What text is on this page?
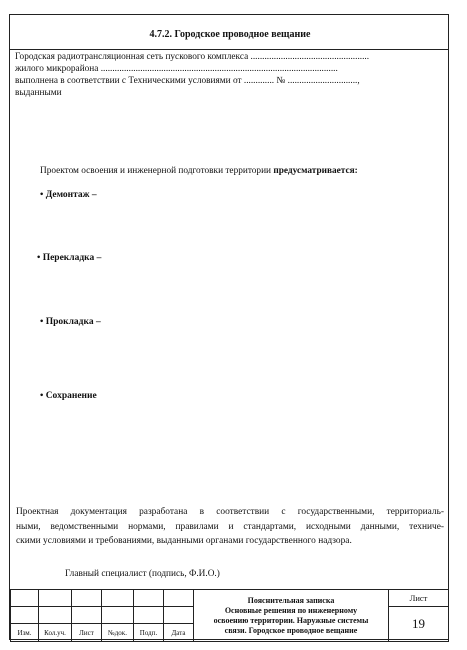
4.7.2. Городское проводное вещание
Городская радиотрансляционная сеть пускового комплекса ...................................................
жилого микрорайона ......................................................................................................
выполнена в соответствии с Техническими условиями от ............. № ..............................,
выданными
Проектом освоения и инженерной подготовки территории предусматривается:
• Демонтаж –
• Перекладка –
• Прокладка –
• Сохранение
Проектная документация разработана в соответствии с государственными, территориаль-
ными, ведомственными нормами, правилами и стандартами, исходными данными, техниче-
скими условиями и требованиями, выданными органами государственного надзора.
Главный специалист (подпись, Ф.И.О.)

						Пояснительная записка
Основные решения по инженерному
освоению территории. Наружные системы
связи. Городское проводное вещание	Лист
							19
Изм.	Кол.уч.	Лист	№док.	Подп.	Дата		
